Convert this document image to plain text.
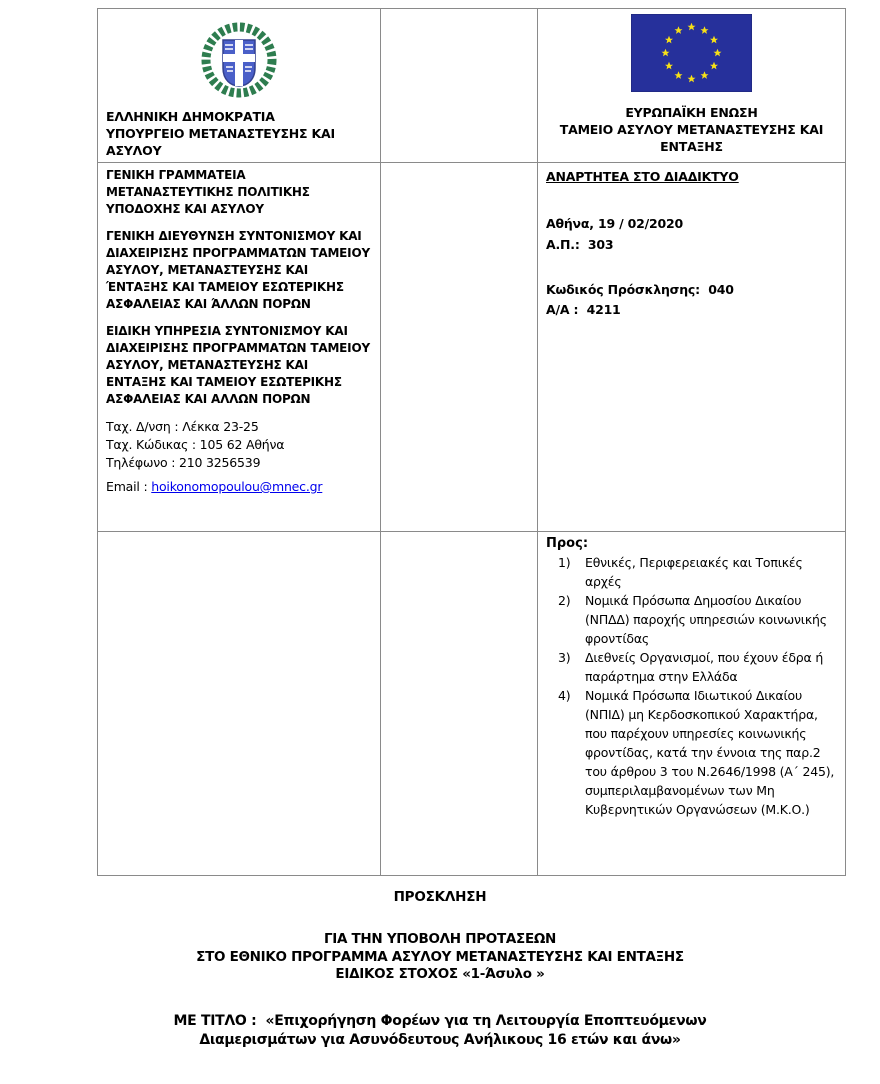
ΕΛΛΗΝΙΚΗ ΔΗΜΟΚΡΑΤΙΑ
ΥΠΟΥΡΓΕΙΟ ΜΕΤΑΝΑΣΤΕΥΣΗΣ ΚΑΙ ΑΣΥΛΟΥ

ΕΥΡΩΠΑΪΚΗ ΕΝΩΣΗ
ΤΑΜΕΙΟ ΑΣΥΛΟΥ ΜΕΤΑΝΑΣΤΕΥΣΗΣ ΚΑΙ ΕΝΤΑΞΗΣ

ΓΕΝΙΚΗ ΓΡΑΜΜΑΤΕΙΑ ΜΕΤΑΝΑΣΤΕΥΤΙΚΗΣ ΠΟΛΙΤΙΚΗΣ ΥΠΟΔΟΧΗΣ ΚΑΙ ΑΣΥΛΟΥ

ΓΕΝΙΚΗ ΔΙΕΥΘΥΝΣΗ ΣΥΝΤΟΝΙΣΜΟΥ ΚΑΙ ΔΙΑΧΕΙΡΙΣΗΣ ΠΡΟΓΡΑΜΜΑΤΩΝ ΤΑΜΕΙΟΥ ΑΣΥΛΟΥ, ΜΕΤΑΝΑΣΤΕΥΣΗΣ ΚΑΙ ΈΝΤΑΞΗΣ ΚΑΙ ΤΑΜΕΙΟΥ ΕΣΩΤΕΡΙΚΗΣ ΑΣΦΑΛΕΙΑΣ ΚΑΙ ΆΛΛΩΝ ΠΟΡΩΝ

ΕΙΔΙΚΗ ΥΠΗΡΕΣΙΑ ΣΥΝΤΟΝΙΣΜΟΥ ΚΑΙ ΔΙΑΧΕΙΡΙΣΗΣ ΠΡΟΓΡΑΜΜΑΤΩΝ ΤΑΜΕΙΟΥ ΑΣΥΛΟΥ, ΜΕΤΑΝΑΣΤΕΥΣΗΣ ΚΑΙ ΕΝΤΑΞΗΣ ΚΑΙ ΤΑΜΕΙΟΥ ΕΣΩΤΕΡΙΚΗΣ ΑΣΦΑΛΕΙΑΣ ΚΑΙ ΑΛΛΩΝ ΠΟΡΩΝ

Ταχ. Δ/νση : Λέκκα 23-25
Ταχ. Κώδικας : 105 62 Αθήνα
Τηλέφωνο : 210 3256539
Email : hoikonomopoulou@mnec.gr

ΑΝΑΡΤΗΤΕΑ ΣΤΟ ΔΙΑΔΙΚΤΥΟ
Αθήνα, 19 / 02/2020
Α.Π.:  303
Κωδικός Πρόσκλησης:  040
Α/Α :  4211

Προς:
1)	Εθνικές, Περιφερειακές και Τοπικές αρχές
2)	Νομικά Πρόσωπα Δημοσίου Δικαίου (ΝΠΔΔ) παροχής υπηρεσιών κοινωνικής φροντίδας
3)	Διεθνείς Οργανισμοί, που έχουν έδρα ή παράρτημα στην Ελλάδα
4)	Νομικά Πρόσωπα Ιδιωτικού Δικαίου (ΝΠΙΔ) μη Κερδοσκοπικού Χαρακτήρα, που παρέχουν υπηρεσίες κοινωνικής φροντίδας, κατά την έννοια της παρ.2 του άρθρου 3 του Ν.2646/1998 (Α΄ 245), συμπεριλαμβανομένων των Μη Κυβερνητικών Οργανώσεων (Μ.Κ.Ο.)
ΠΡΟΣΚΛΗΣΗ
ΓΙΑ ΤΗΝ ΥΠΟΒΟΛΗ ΠΡΟΤΑΣΕΩΝ
ΣΤΟ ΕΘΝΙΚΟ ΠΡΟΓΡΑΜΜΑ ΑΣΥΛΟΥ ΜΕΤΑΝΑΣΤΕΥΣΗΣ ΚΑΙ ΕΝΤΑΞΗΣ
ΕΙΔΙΚΟΣ ΣΤΟΧΟΣ «1-Άσυλο »
ΜΕ ΤΙΤΛΟ :  «Επιχορήγηση Φορέων για τη Λειτουργία Εποπτευόμενων
Διαμερισμάτων για Ασυνόδευτους Ανήλικους 16 ετών και άνω»
